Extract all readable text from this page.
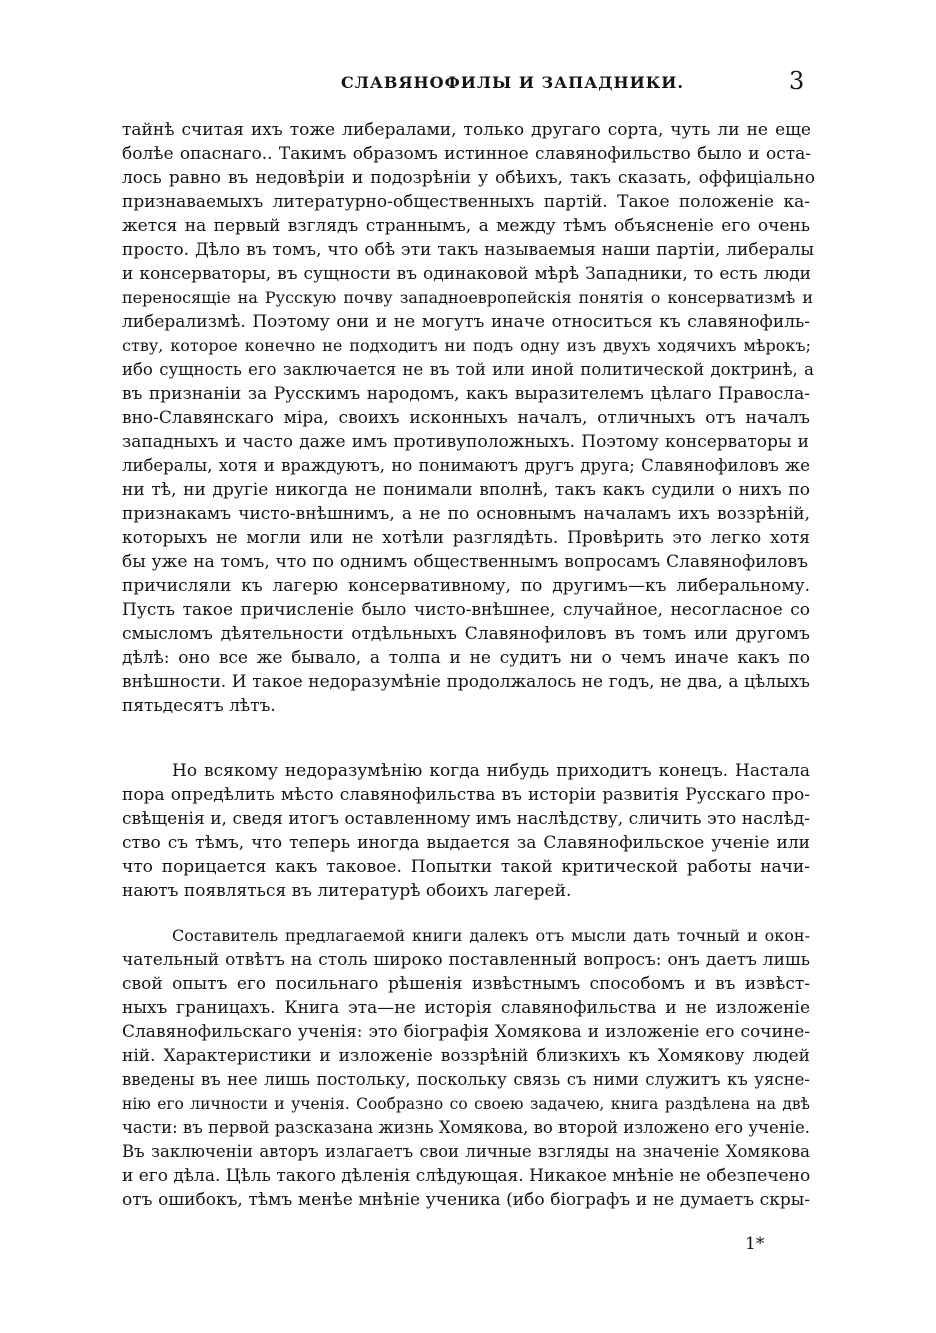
СЛАВЯНОФИЛЫ И ЗАПАДНИКИ.	3
тайнѣ считая ихъ тоже либералами, только другаго сорта, чуть ли не еще
болѣе опаснаго.. Такимъ образомъ истинное славянофильство было и оста-
лось равно въ недовѣріи и подозрѣніи у обѣихъ, такъ сказать, оффиціально
признаваемыхъ литературно-общественныхъ партій. Такое положеніе ка-
жется на первый взглядъ страннымъ, а между тѣмъ объясненіе его очень
просто. Дѣло въ томъ, что обѣ эти такъ называемыя наши партіи, либералы
и консерваторы, въ сущности въ одинаковой мѣрѣ Западники, то есть люди
переносящіе на Русскую почву западноевропейскія понятія о консерватизмѣ и
либерализмѣ. Поэтому они и не могутъ иначе относиться къ славянофиль-
ству, которое конечно не подходитъ ни подъ одну изъ двухъ ходячихъ мѣрокъ;
ибо сущность его заключается не въ той или иной политической доктринѣ, а
въ признаніи за Русскимъ народомъ, какъ выразителемъ цѣлаго Правосла-
вно-Славянскаго міра, своихъ исконныхъ началъ, отличныхъ отъ началъ
западныхъ и часто даже имъ противуположныхъ. Поэтому консерваторы и
либералы, хотя и враждуютъ, но понимаютъ другъ друга; Славянофиловъ же
ни тѣ, ни другіе никогда не понимали вполнѣ, такъ какъ судили о нихъ по
признакамъ чисто-внѣшнимъ, а не по основнымъ началамъ ихъ воззрѣній,
которыхъ не могли или не хотѣли разглядѣть. Провѣрить это легко хотя
бы уже на томъ, что по однимъ общественнымъ вопросамъ Славянофиловъ
причисляли къ лагерю консервативному, по другимъ—къ либеральному.
Пусть такое причисленіе было чисто-внѣшнее, случайное, несогласное со
смысломъ дѣятельности отдѣльныхъ Славянофиловъ въ томъ или другомъ
дѣлѣ: оно все же бывало, а толпа и не судитъ ни о чемъ иначе какъ по
внѣшности. И такое недоразумѣніе продолжалось не годъ, не два, а цѣлыхъ
пятьдесятъ лѣтъ.
Но всякому недоразумѣнію когда нибудь приходитъ конецъ. Настала
пора опредѣлить мѣсто славянофильства въ исторіи развитія Русскаго про-
свѣщенія и, сведя итогъ оставленному имъ наслѣдству, сличить это наслѣд-
ство съ тѣмъ, что теперь иногда выдается за Славянофильское ученіе или
что порицается какъ таковое. Попытки такой критической работы начи-
наютъ появляться въ литературѣ обоихъ лагерей.
Составитель предлагаемой книги далекъ отъ мысли дать точный и окон-
чательный отвѣтъ на столь широко поставленный вопросъ: онъ даетъ лишь
свой опытъ его посильнаго рѣшенія извѣстнымъ способомъ и въ извѣст-
ныхъ границахъ. Книга эта—не исторія славянофильства и не изложеніе
Славянофильскаго ученія: это біографія Хомякова и изложеніе его сочине-
ній. Характеристики и изложеніе воззрѣній близкихъ къ Хомякову людей
введены въ нее лишь постольку, поскольку связь съ ними служитъ къ уясне-
нію его личности и ученія. Сообразно со своею задачею, книга раздѣлена на двѣ
части: въ первой разсказана жизнь Хомякова, во второй изложено его ученіе.
Въ заключеніи авторъ излагаетъ свои личные взгляды на значеніе Хомякова
и его дѣла. Цѣль такого дѣленія слѣдующая. Никакое мнѣніе не обезпечено
отъ ошибокъ, тѣмъ менѣе мнѣніе ученика (ибо біографъ и не думаетъ скры-
1*
